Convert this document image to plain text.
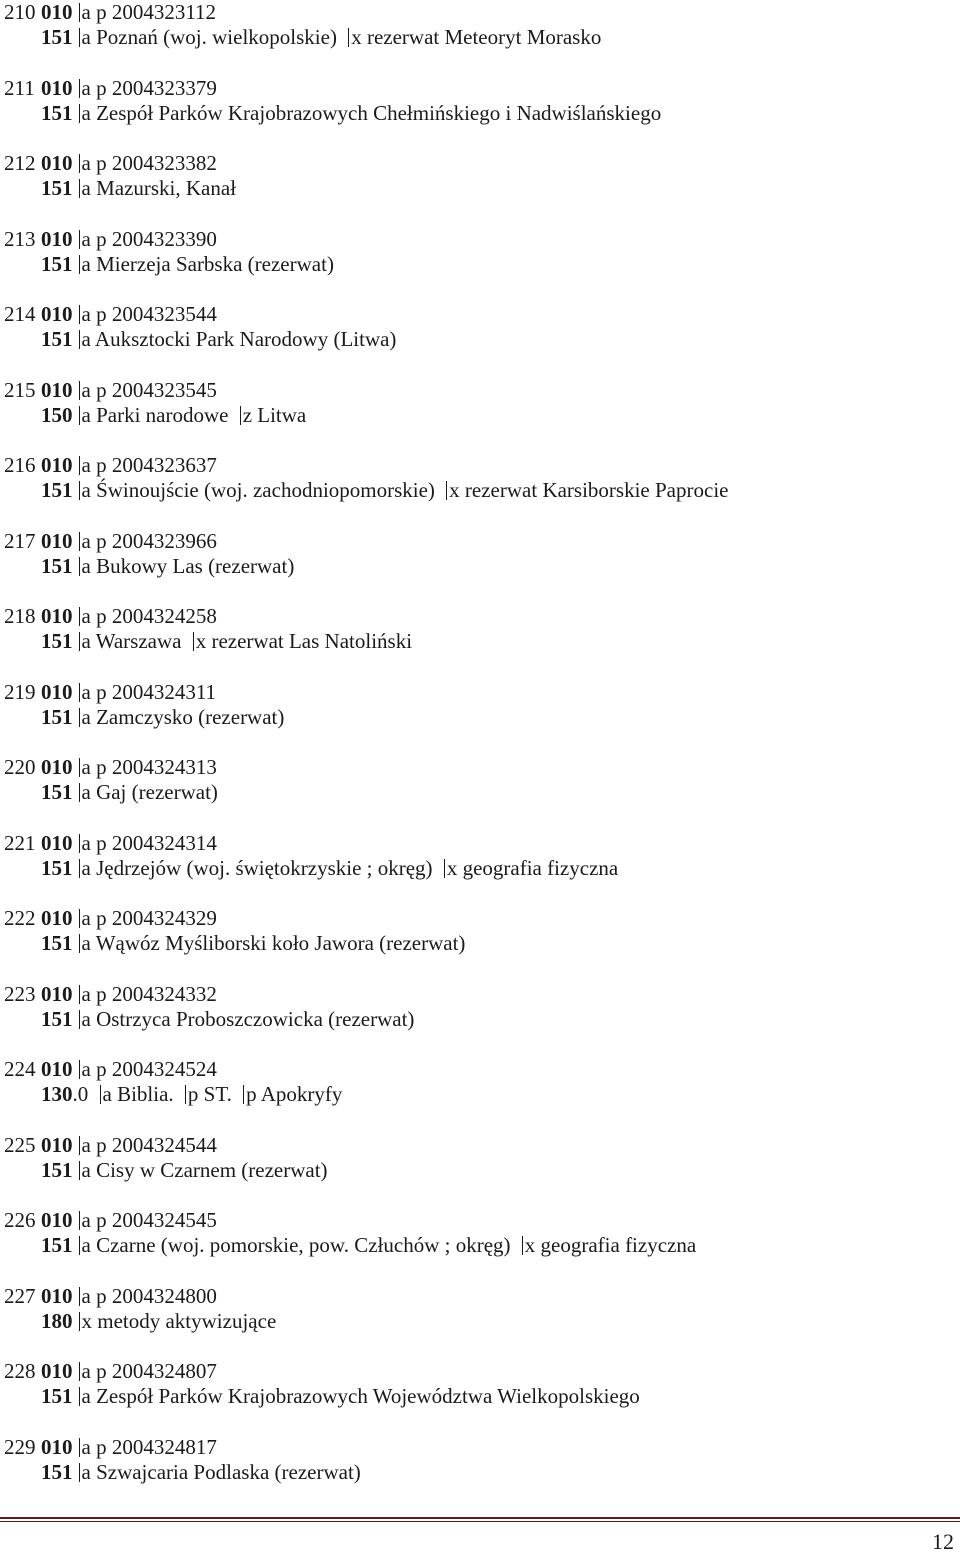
210 010 a p 2004323112
151 a Poznań (woj. wielkopolskie) x rezerwat Meteoryt Morasko
211 010 a p 2004323379
151 a Zespół Parków Krajobrazowych Chełmińskiego i Nadwiślańskiego
212 010 a p 2004323382
151 a Mazurski, Kanał
213 010 a p 2004323390
151 a Mierzeja Sarbska (rezerwat)
214 010 a p 2004323544
151 a Auksztocki Park Narodowy (Litwa)
215 010 a p 2004323545
150 a Parki narodowe z Litwa
216 010 a p 2004323637
151 a Świnoujście (woj. zachodniopomorskie) x rezerwat Karsiborskie Paprocie
217 010 a p 2004323966
151 a Bukowy Las (rezerwat)
218 010 a p 2004324258
151 a Warszawa x rezerwat Las Natoliński
219 010 a p 2004324311
151 a Zamczysko (rezerwat)
220 010 a p 2004324313
151 a Gaj (rezerwat)
221 010 a p 2004324314
151 a Jędrzejów (woj. świętokrzyskie ; okręg) x geografia fizyczna
222 010 a p 2004324329
151 a Wąwóz Myśliborski koło Jawora (rezerwat)
223 010 a p 2004324332
151 a Ostrzyca Proboszczowicka (rezerwat)
224 010 a p 2004324524
130.0 a Biblia. p ST. p Apokryfy
225 010 a p 2004324544
151 a Cisy w Czarnem (rezerwat)
226 010 a p 2004324545
151 a Czarne (woj. pomorskie, pow. Człuchów ; okręg) x geografia fizyczna
227 010 a p 2004324800
180 x metody aktywizujące
228 010 a p 2004324807
151 a Zespół Parków Krajobrazowych Województwa Wielkopolskiego
229 010 a p 2004324817
151 a Szwajcaria Podlaska (rezerwat)
12
